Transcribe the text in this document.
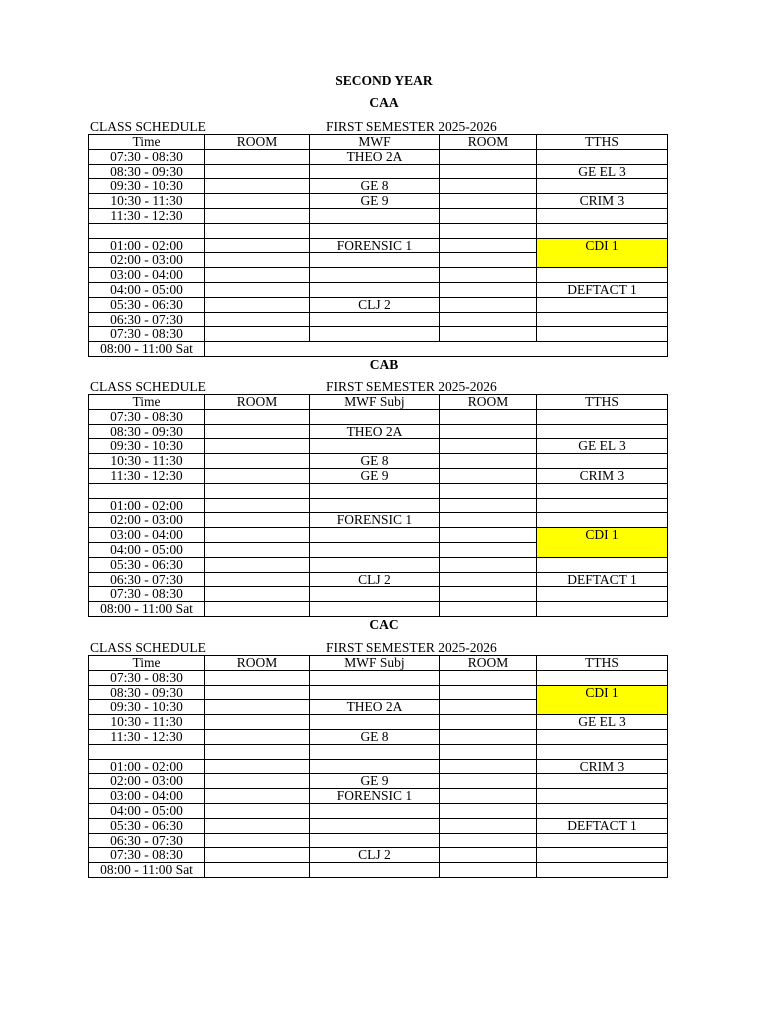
SECOND YEAR
CAA
CLASS SCHEDULE	FIRST SEMESTER 2025-2026
Time	ROOM	MWF	ROOM	TTHS
07:30 - 08:30		THEO 2A		
08:30 - 09:30				GE EL 3
09:30 - 10:30		GE 8		
10:30 - 11:30		GE 9		CRIM 3
11:30 - 12:30				

01:00 - 02:00		FORENSIC 1		CDI 1
02:00 - 03:00				
03:00 - 04:00				
04:00 - 05:00				DEFTACT 1
05:30 - 06:30		CLJ 2		
06:30 - 07:30				
07:30 - 08:30				
08:00 - 11:00 Sat				
CAB
CLASS SCHEDULE	FIRST SEMESTER 2025-2026
Time	ROOM	MWF Subj	ROOM	TTHS
07:30 - 08:30				
08:30 - 09:30		THEO 2A		
09:30 - 10:30				GE EL 3
10:30 - 11:30		GE 8		
11:30 - 12:30		GE 9		CRIM 3

01:00 - 02:00				
02:00 - 03:00		FORENSIC 1		
03:00 - 04:00				CDI 1
04:00 - 05:00				
05:30 - 06:30				
06:30 - 07:30		CLJ 2		DEFTACT 1
07:30 - 08:30				
08:00 - 11:00 Sat				
CAC
CLASS SCHEDULE	FIRST SEMESTER 2025-2026
Time	ROOM	MWF Subj	ROOM	TTHS
07:30 - 08:30				
08:30 - 09:30				CDI 1
09:30 - 10:30		THEO 2A		
10:30 - 11:30				GE EL 3
11:30 - 12:30		GE 8		

01:00 - 02:00				CRIM 3
02:00 - 03:00		GE 9		
03:00 - 04:00		FORENSIC 1		
04:00 - 05:00				
05:30 - 06:30				DEFTACT 1
06:30 - 07:30				
07:30 - 08:30		CLJ 2		
08:00 - 11:00 Sat				
